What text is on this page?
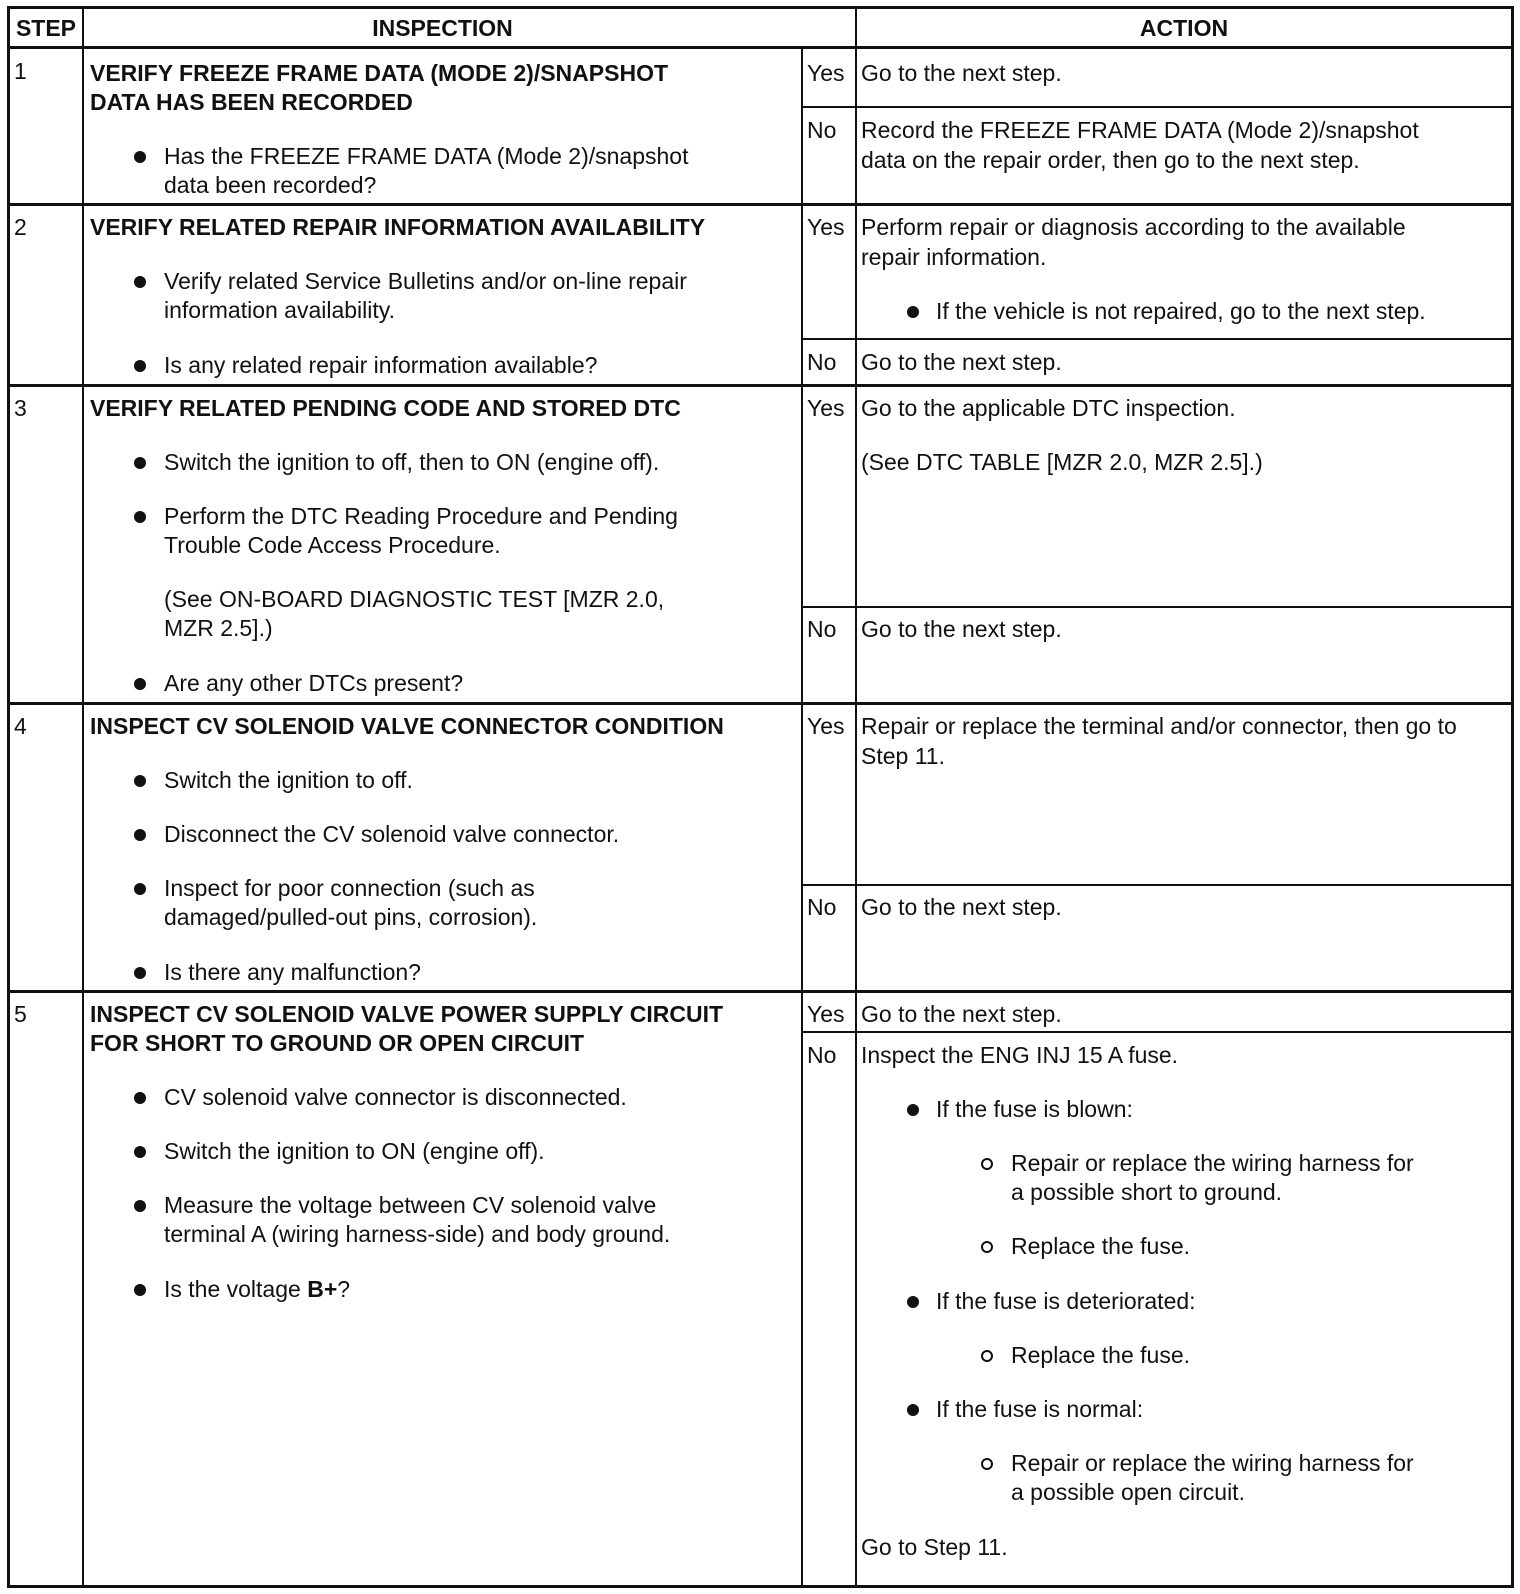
STEP	INSPECTION	ACTION
1	VERIFY FREEZE FRAME DATA (MODE 2)/SNAPSHOT
DATA HAS BEEN RECORDED
Has the FREEZE FRAME DATA (Mode 2)/snapshot
data been recorded?
Yes Go to the next step.
No Record the FREEZE FRAME DATA (Mode 2)/snapshot
data on the repair order, then go to the next step.
2	VERIFY RELATED REPAIR INFORMATION AVAILABILITY
Verify related Service Bulletins and/or on-line repair
information availability.
Is any related repair information available?
Yes Perform repair or diagnosis according to the available
repair information.
If the vehicle is not repaired, go to the next step.
No Go to the next step.
3	VERIFY RELATED PENDING CODE AND STORED DTC
Switch the ignition to off, then to ON (engine off).
Perform the DTC Reading Procedure and Pending
Trouble Code Access Procedure.
(See ON-BOARD DIAGNOSTIC TEST [MZR 2.0,
MZR 2.5].)
Are any other DTCs present?
Yes Go to the applicable DTC inspection.
(See DTC TABLE [MZR 2.0, MZR 2.5].)
No Go to the next step.
4	INSPECT CV SOLENOID VALVE CONNECTOR CONDITION
Switch the ignition to off.
Disconnect the CV solenoid valve connector.
Inspect for poor connection (such as
damaged/pulled-out pins, corrosion).
Is there any malfunction?
Yes Repair or replace the terminal and/or connector, then go to
Step 11.
No Go to the next step.
5	INSPECT CV SOLENOID VALVE POWER SUPPLY CIRCUIT
FOR SHORT TO GROUND OR OPEN CIRCUIT
CV solenoid valve connector is disconnected.
Switch the ignition to ON (engine off).
Measure the voltage between CV solenoid valve
terminal A (wiring harness-side) and body ground.
Is the voltage B+?
Yes Go to the next step.
No Inspect the ENG INJ 15 A fuse.
If the fuse is blown:
Repair or replace the wiring harness for
a possible short to ground.
Replace the fuse.
If the fuse is deteriorated:
Replace the fuse.
If the fuse is normal:
Repair or replace the wiring harness for
a possible open circuit.
Go to Step 11.
